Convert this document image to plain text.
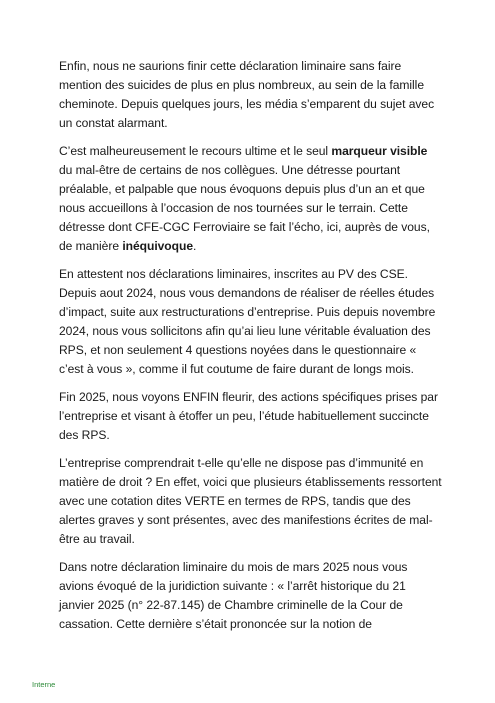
Enfin, nous ne saurions finir cette déclaration liminaire sans faire mention des suicides de plus en plus nombreux, au sein de la famille cheminote. Depuis quelques jours, les média s’emparent du sujet avec un constat alarmant.

C’est malheureusement le recours ultime et le seul marqueur visible du mal-être de certains de nos collègues. Une détresse pourtant préalable, et palpable que nous évoquons depuis plus d’un an et que nous accueillons à l’occasion de nos tournées sur le terrain. Cette détresse dont CFE-CGC Ferroviaire se fait l’écho, ici, auprès de vous, de manière inéquivoque.

En attestent nos déclarations liminaires, inscrites au PV des CSE. Depuis aout 2024, nous vous demandons de réaliser de réelles études d’impact, suite aux restructurations d’entreprise. Puis depuis novembre 2024, nous vous sollicitons afin qu’ai lieu lune véritable évaluation des RPS, et non seulement 4 questions noyées dans le questionnaire « c’est à vous », comme il fut coutume de faire durant de longs mois.

Fin 2025, nous voyons ENFIN fleurir, des actions spécifiques prises par l’entreprise et visant à étoffer un peu, l’étude habituellement succincte des RPS.

L’entreprise comprendrait t-elle qu’elle ne dispose pas d’immunité en matière de droit ? En effet, voici que plusieurs établissements ressortent avec une cotation dites VERTE en termes de RPS, tandis que des alertes graves y sont présentes, avec des manifestions écrites de mal-être au travail.

Dans notre déclaration liminaire du mois de mars 2025 nous vous avions évoqué de la juridiction suivante : « l’arrêt historique du 21 janvier 2025 (n° 22-87.145) de Chambre criminelle de la Cour de cassation. Cette dernière s’était prononcée sur la notion de

Interne
